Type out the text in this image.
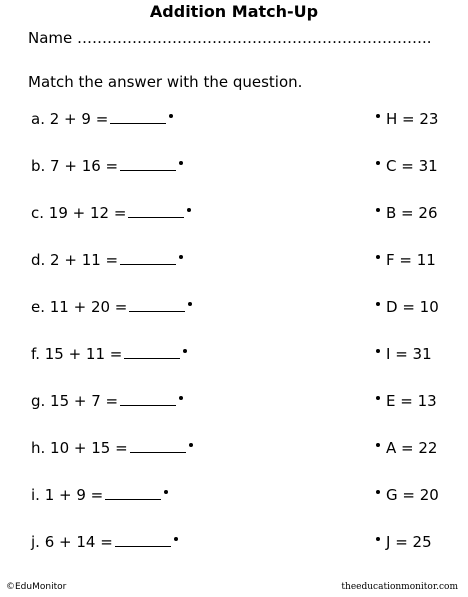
Addition Match-Up
Name ……………………………………………………………..
Match the answer with the question.
a. 2 + 9 =	H = 23
b. 7 + 16 =	C = 31
c. 19 + 12 =	B = 26
d. 2 + 11 =	F = 11
e. 11 + 20 =	D = 10
f. 15 + 11 =	I = 31
g. 15 + 7 =	E = 13
h. 10 + 15 =	A = 22
i. 1 + 9 =	G = 20
j. 6 + 14 =	J = 25
©EduMonitor	theeducationmonitor.com
